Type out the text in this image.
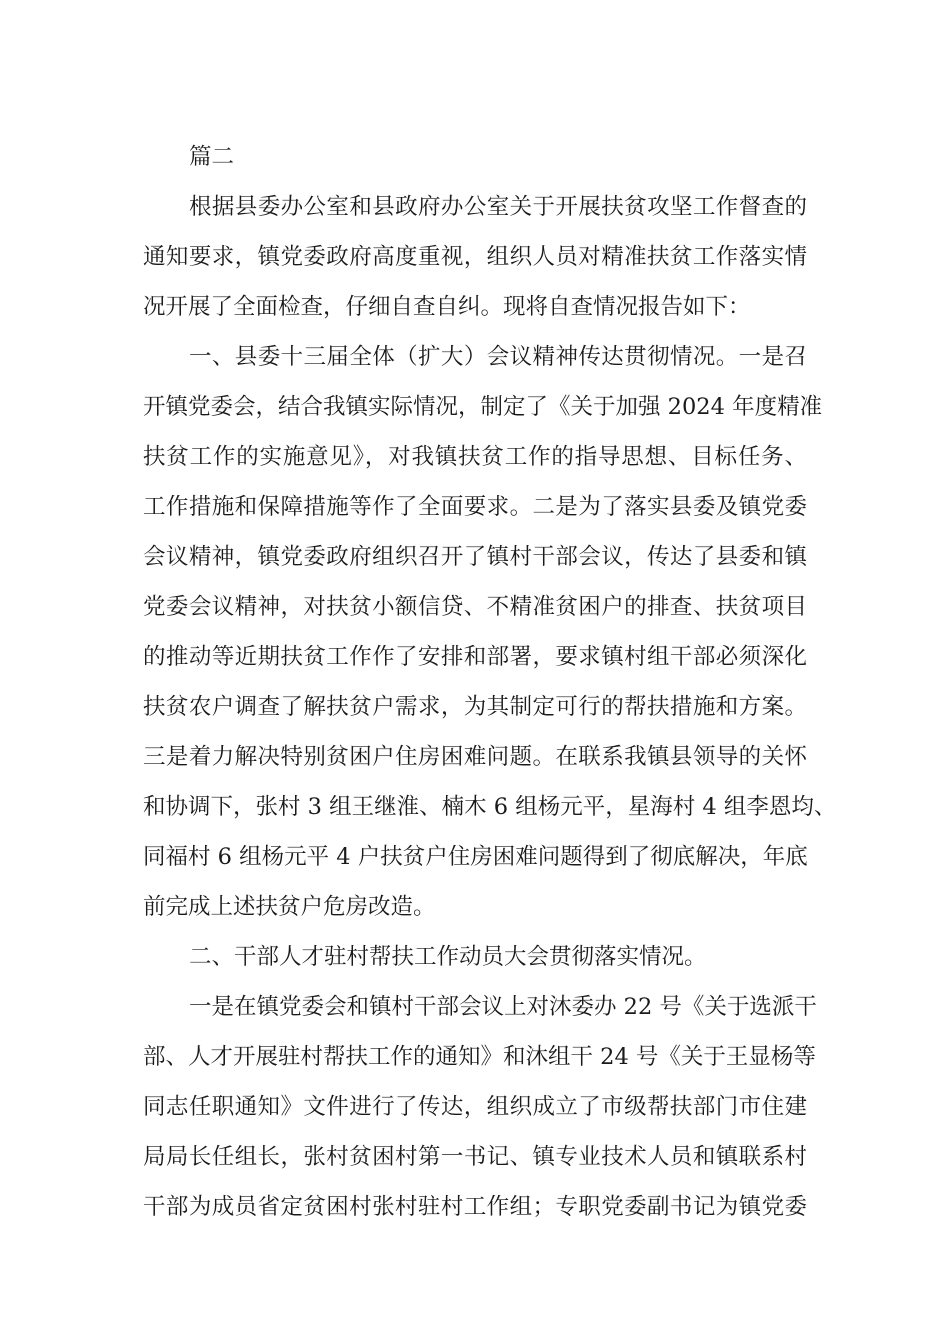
篇二
根据县委办公室和县政府办公室关于开展扶贫攻坚工作督查的
通知要求，镇党委政府高度重视，组织人员对精准扶贫工作落实情
况开展了全面检查，仔细自查自纠。现将自查情况报告如下：
一、县委十三届全体（扩大）会议精神传达贯彻情况。一是召
开镇党委会，结合我镇实际情况，制定了《关于加强 2024 年度精准
扶贫工作的实施意见》，对我镇扶贫工作的指导思想、目标任务、
工作措施和保障措施等作了全面要求。二是为了落实县委及镇党委
会议精神，镇党委政府组织召开了镇村干部会议，传达了县委和镇
党委会议精神，对扶贫小额信贷、不精准贫困户的排查、扶贫项目
的推动等近期扶贫工作作了安排和部署，要求镇村组干部必须深化
扶贫农户调查了解扶贫户需求，为其制定可行的帮扶措施和方案。
三是着力解决特别贫困户住房困难问题。在联系我镇县领导的关怀
和协调下，张村 3 组王继淮、楠木 6 组杨元平，星海村 4 组李恩均、
同福村 6 组杨元平 4 户扶贫户住房困难问题得到了彻底解决，年底
前完成上述扶贫户危房改造。
二、干部人才驻村帮扶工作动员大会贯彻落实情况。
一是在镇党委会和镇村干部会议上对沐委办 22 号《关于选派干
部、人才开展驻村帮扶工作的通知》和沐组干 24 号《关于王显杨等
同志任职通知》文件进行了传达，组织成立了市级帮扶部门市住建
局局长任组长，张村贫困村第一书记、镇专业技术人员和镇联系村
干部为成员省定贫困村张村驻村工作组；专职党委副书记为镇党委
